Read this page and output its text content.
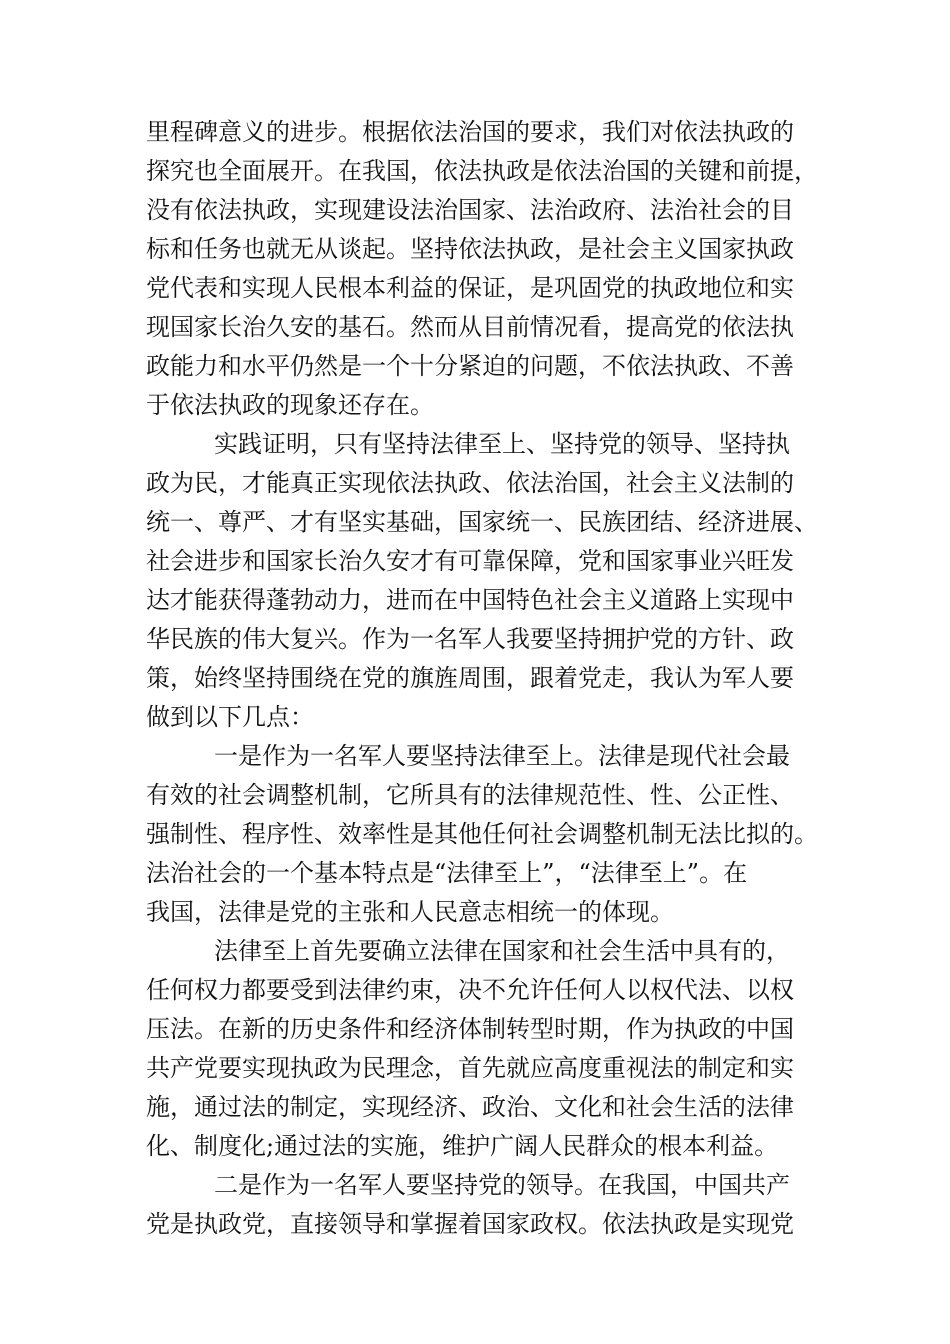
里程碑意义的进步。根据依法治国的要求，我们对依法执政的
探究也全面展开。在我国，依法执政是依法治国的关键和前提，
没有依法执政，实现建设法治国家、法治政府、法治社会的目
标和任务也就无从谈起。坚持依法执政，是社会主义国家执政
党代表和实现人民根本利益的保证，是巩固党的执政地位和实
现国家长治久安的基石。然而从目前情况看，提高党的依法执
政能力和水平仍然是一个十分紧迫的问题，不依法执政、不善
于依法执政的现象还存在。
实践证明，只有坚持法律至上、坚持党的领导、坚持执
政为民，才能真正实现依法执政、依法治国，社会主义法制的
统一、尊严、才有坚实基础，国家统一、民族团结、经济进展、
社会进步和国家长治久安才有可靠保障，党和国家事业兴旺发
达才能获得蓬勃动力，进而在中国特色社会主义道路上实现中
华民族的伟大复兴。作为一名军人我要坚持拥护党的方针、政
策，始终坚持围绕在党的旗旌周围，跟着党走，我认为军人要
做到以下几点：
一是作为一名军人要坚持法律至上。法律是现代社会最
有效的社会调整机制，它所具有的法律规范性、性、公正性、
强制性、程序性、效率性是其他任何社会调整机制无法比拟的。
法治社会的一个基本特点是“法律至上”，“法律至上”。在
我国，法律是党的主张和人民意志相统一的体现。
法律至上首先要确立法律在国家和社会生活中具有的，
任何权力都要受到法律约束，决不允许任何人以权代法、以权
压法。在新的历史条件和经济体制转型时期，作为执政的中国
共产党要实现执政为民理念，首先就应高度重视法的制定和实
施，通过法的制定，实现经济、政治、文化和社会生活的法律
化、制度化;通过法的实施，维护广阔人民群众的根本利益。
二是作为一名军人要坚持党的领导。在我国，中国共产
党是执政党，直接领导和掌握着国家政权。依法执政是实现党
